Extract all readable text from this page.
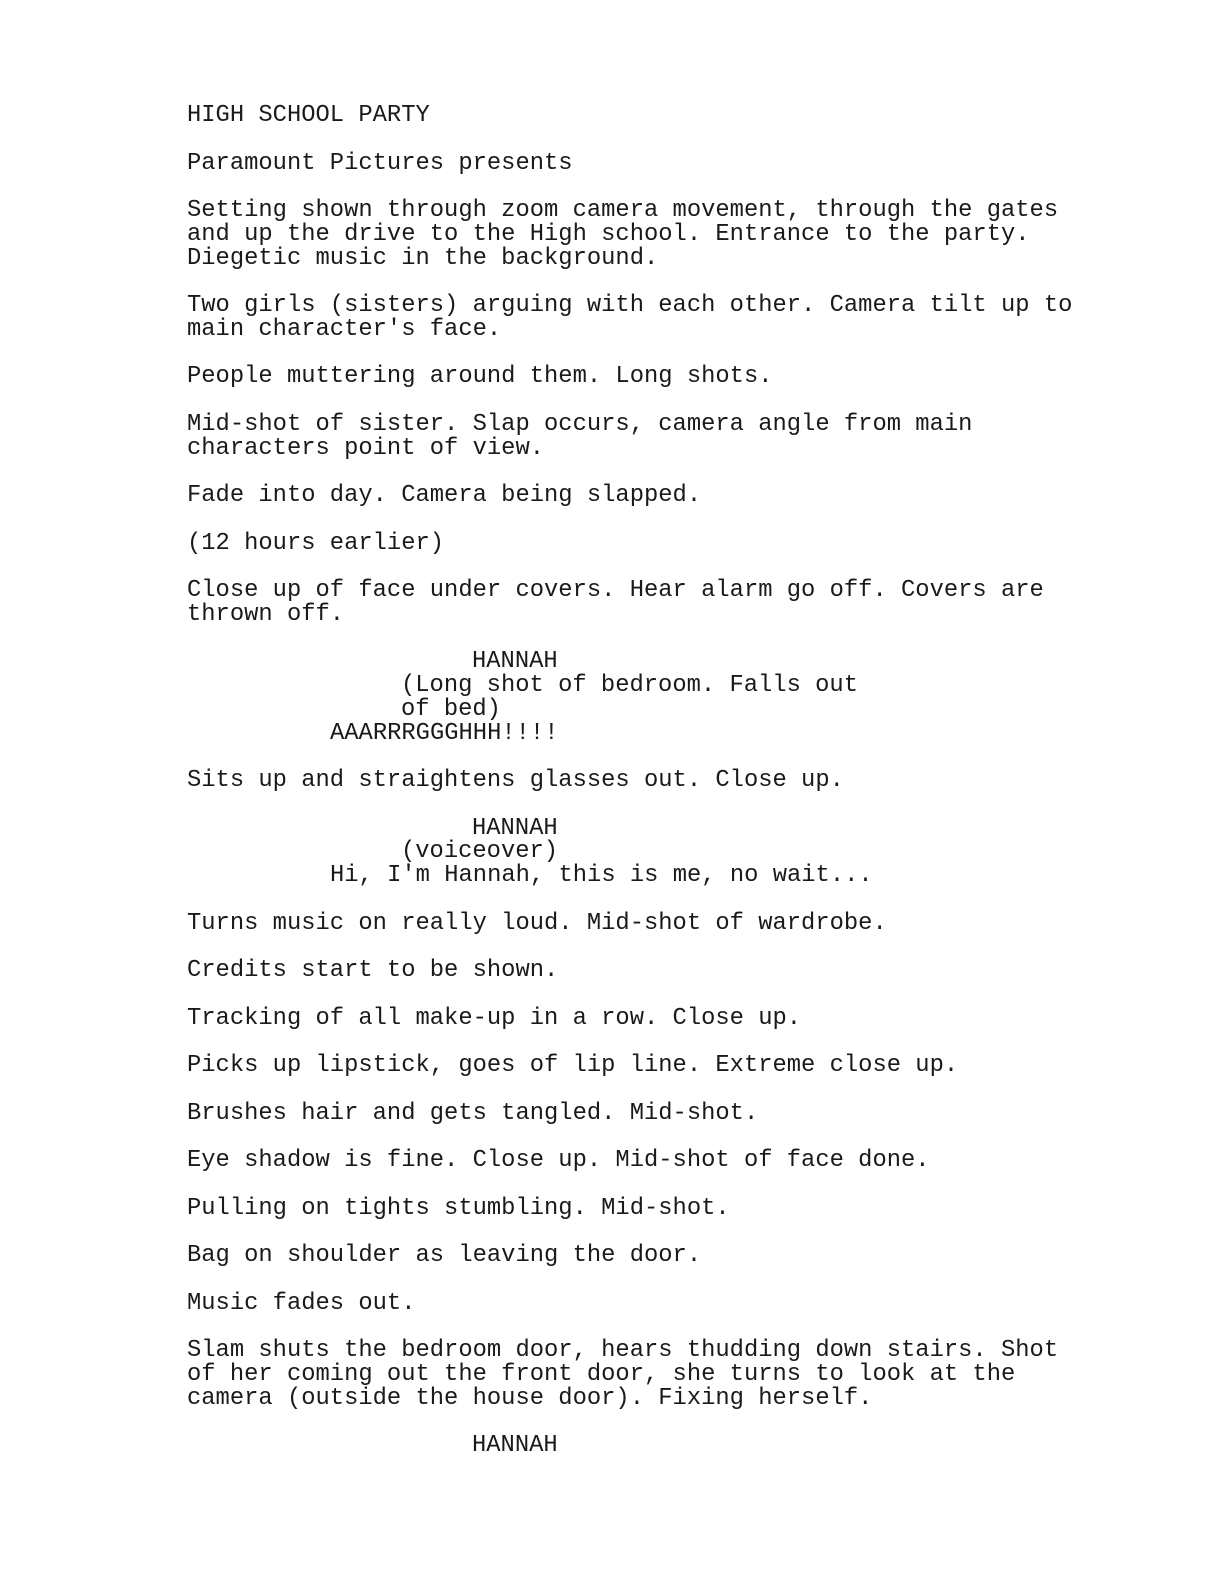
HIGH SCHOOL PARTY
Paramount Pictures presents
Setting shown through zoom camera movement, through the gates
and up the drive to the High school. Entrance to the party.
Diegetic music in the background.
Two girls (sisters) arguing with each other. Camera tilt up to
main character's face.
People muttering around them. Long shots.
Mid-shot of sister. Slap occurs, camera angle from main
characters point of view.
Fade into day. Camera being slapped.
(12 hours earlier)
Close up of face under covers. Hear alarm go off. Covers are
thrown off.
HANNAH
(Long shot of bedroom. Falls out
of bed)
AAARRRGGGHHH!!!!
Sits up and straightens glasses out. Close up.
HANNAH
(voiceover)
Hi, I'm Hannah, this is me, no wait...
Turns music on really loud. Mid-shot of wardrobe.
Credits start to be shown.
Tracking of all make-up in a row. Close up.
Picks up lipstick, goes of lip line. Extreme close up.
Brushes hair and gets tangled. Mid-shot.
Eye shadow is fine. Close up. Mid-shot of face done.
Pulling on tights stumbling. Mid-shot.
Bag on shoulder as leaving the door.
Music fades out.
Slam shuts the bedroom door, hears thudding down stairs. Shot
of her coming out the front door, she turns to look at the
camera (outside the house door). Fixing herself.
HANNAH
